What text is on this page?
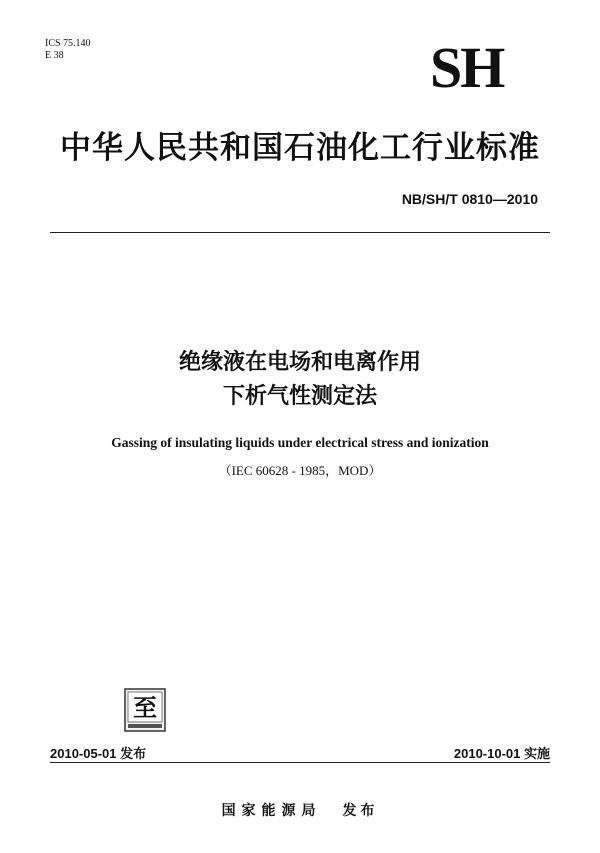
ICS 75.140
E 38	SH
中华人民共和国石油化工行业标准
NB/SH/T 0810—2010
绝缘液在电场和电离作用
下析气性测定法
Gassing of insulating liquids under electrical stress and ionization
（IEC 60628 - 1985，MOD）
至
2010-05-01 发布	2010-10-01 实施
国家能源局 发布
